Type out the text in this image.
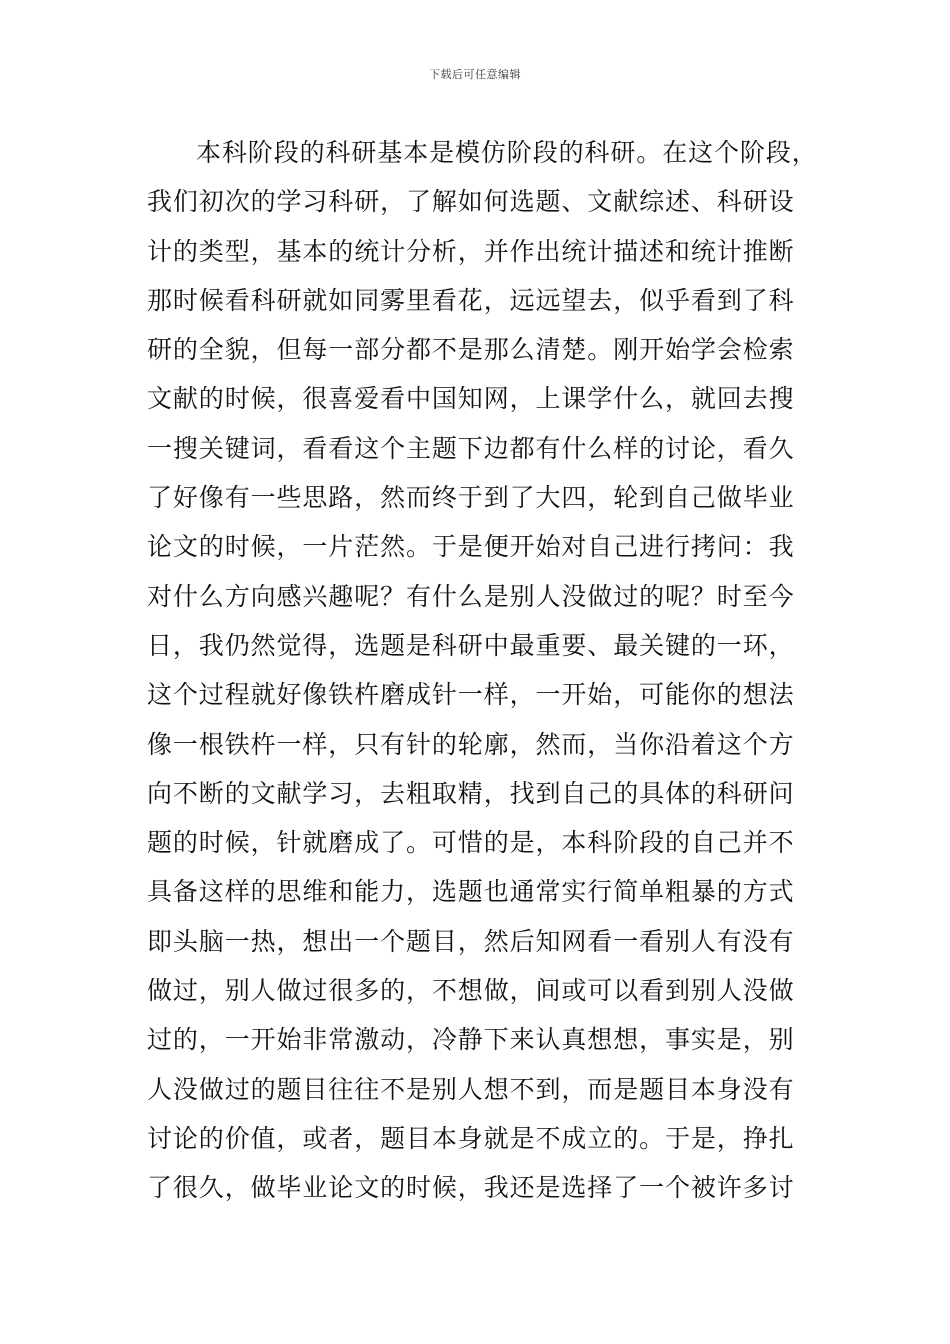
下载后可任意编辑
本科阶段的科研基本是模仿阶段的科研。在这个阶段，
我们初次的学习科研，了解如何选题、文献综述、科研设
计的类型，基本的统计分析，并作出统计描述和统计推断
那时候看科研就如同雾里看花，远远望去，似乎看到了科
研的全貌，但每一部分都不是那么清楚。刚开始学会检索
文献的时候，很喜爱看中国知网，上课学什么，就回去搜
一搜关键词，看看这个主题下边都有什么样的讨论，看久
了好像有一些思路，然而终于到了大四，轮到自己做毕业
论文的时候，一片茫然。于是便开始对自己进行拷问：我
对什么方向感兴趣呢？有什么是别人没做过的呢？时至今
日，我仍然觉得，选题是科研中最重要、最关键的一环，
这个过程就好像铁杵磨成针一样，一开始，可能你的想法
像一根铁杵一样，只有针的轮廓，然而，当你沿着这个方
向不断的文献学习，去粗取精，找到自己的具体的科研问
题的时候，针就磨成了。可惜的是，本科阶段的自己并不
具备这样的思维和能力，选题也通常实行简单粗暴的方式
即头脑一热，想出一个题目，然后知网看一看别人有没有
做过，别人做过很多的，不想做，间或可以看到别人没做
过的，一开始非常激动，冷静下来认真想想，事实是，别
人没做过的题目往往不是别人想不到，而是题目本身没有
讨论的价值，或者，题目本身就是不成立的。于是，挣扎
了很久，做毕业论文的时候，我还是选择了一个被许多讨
